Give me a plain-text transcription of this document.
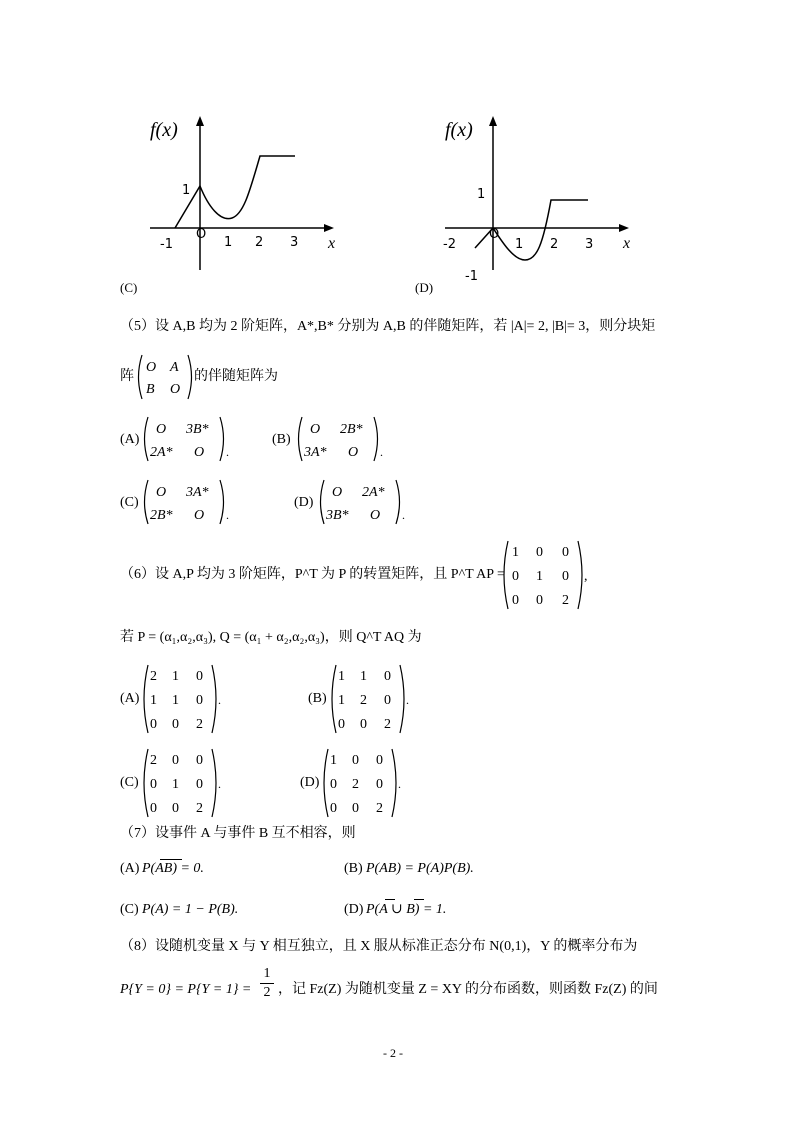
f(x)
1
O
-1	1 2 3 x
(C)
f(x)
1
O
-2	1 2 3
-1
x
(D)
（5）设 A,B 均为 2 阶矩阵，A*,B* 分别为 A,B 的伴随矩阵，若 |A|= 2, |B|= 3，则分块矩
阵
O A
B O
的伴随矩阵为
(A)
O 3B*
2A* O .
(B)
O 2B*
3A* O .
(C)
O 3A*
2B* O .
(D)
O 2A*
3B* O .
（6）设 A,P 均为 3 阶矩阵，P^T 为 P 的转置矩阵，且 P^T AP =
1 0 0
0 1 0
0 0 2
,
若 P = (α₁,α₂,α₃), Q = (α₁ + α₂,α₂,α₃)，则 Q^T AQ 为
(A)
2 1 0
1 1 0
0 0 2
.	(B)
1 1 0
1 2 0
0 0 2
.
(C)
2 0 0
0 1 0
0 0 2
.	(D)
1 0 0
0 2 0
0 0 2
.
（7）设事件 A 与事件 B 互不相容，则
(A) P(AB) = 0.	(B) P(AB) = P(A)P(B).
(C) P(A) = 1 − P(B).	(D) P(A ∪ B) = 1.
（8）设随机变量 X 与 Y 相互独立，且 X 服从标准正态分布 N(0,1)，Y 的概率分布为
P{Y = 0} = P{Y = 1} =
1
2 ，记 Fz(Z) 为随机变量 Z = XY 的分布函数，则函数 Fz(Z) 的间
- 2 -
